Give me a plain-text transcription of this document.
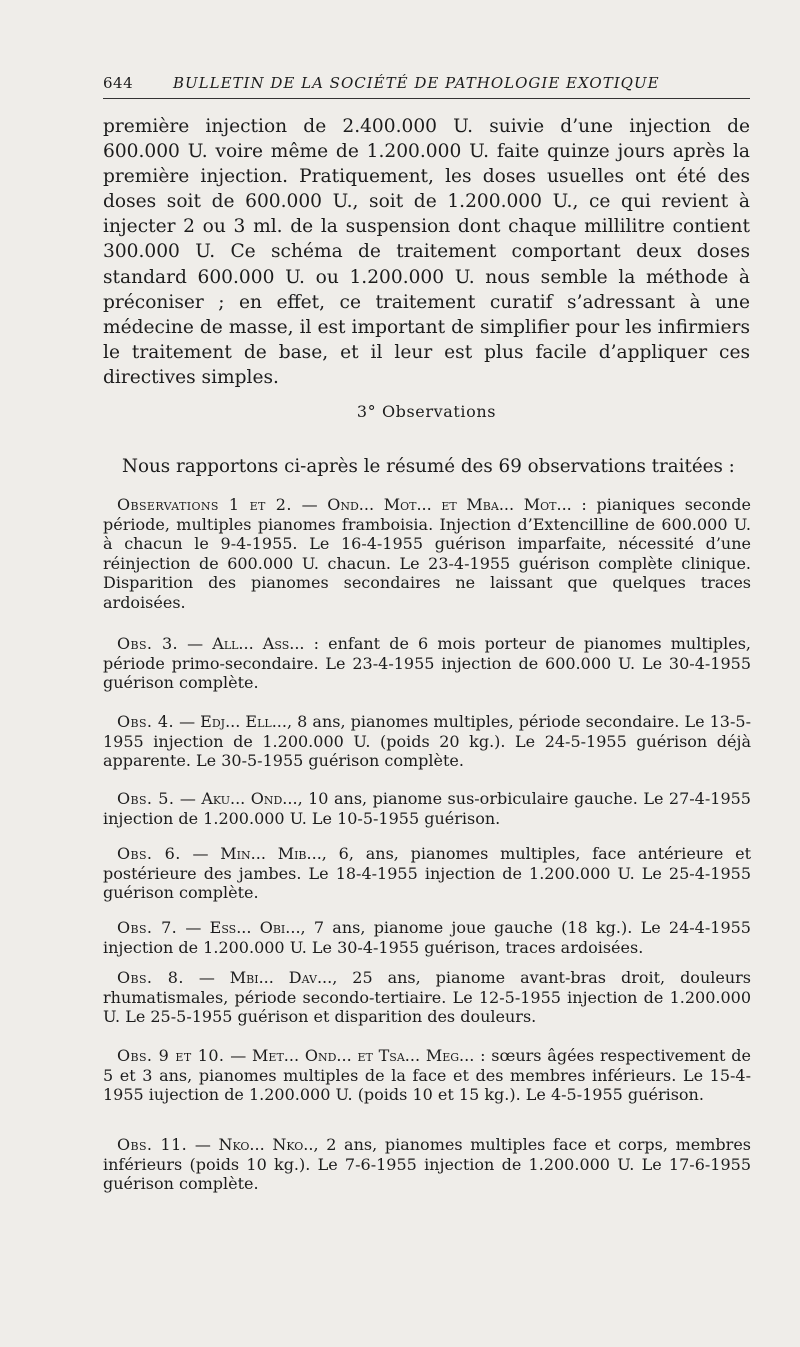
644	BULLETIN DE LA SOCIÉTÉ DE PATHOLOGIE EXOTIQUE

première injection de 2.400.000 U. suivie d’une injection de 600.000 U. voire même de 1.200.000 U. faite quinze jours après la première injection. Pratiquement, les doses usuelles ont été des doses soit de 600.000 U., soit de 1.200.000 U., ce qui revient à injecter 2 ou 3 ml. de la suspension dont chaque millilitre contient 300.000 U. Ce schéma de traitement comportant deux doses standard 600.000 U. ou 1.200.000 U. nous semble la méthode à préconiser ; en effet, ce traitement curatif s’adressant à une médecine de masse, il est important de simplifier pour les infirmiers le traitement de base, et il leur est plus facile d’appliquer ces directives simples.

3° Observations

Nous rapportons ci-après le résumé des 69 observations traitées :

Observations 1 et 2. — Ond... Mot... et Mba... Mot... : pianiques seconde période, multiples pianomes framboisia. Injection d’Extencilline de 600.000 U. à chacun le 9-4-1955. Le 16-4-1955 guérison imparfaite, nécessité d’une réinjection de 600.000 U. chacun. Le 23-4-1955 guérison complète clinique. Disparition des pianomes secondaires ne laissant que quelques traces ardoisées.

Obs. 3. — All... Ass... : enfant de 6 mois porteur de pianomes multiples, période primo-secondaire. Le 23-4-1955 injection de 600.000 U. Le 30-4-1955 guérison complète.

Obs. 4. — Edj... Ell..., 8 ans, pianomes multiples, période secondaire. Le 13-5-1955 injection de 1.200.000 U. (poids 20 kg.). Le 24-5-1955 guérison déjà apparente. Le 30-5-1955 guérison complète.

Obs. 5. — Aku... Ond..., 10 ans, pianome sus-orbiculaire gauche. Le 27-4-1955 injection de 1.200.000 U. Le 10-5-1955 guérison.

Obs. 6. — Min... Mib..., 6, ans, pianomes multiples, face antérieure et postérieure des jambes. Le 18-4-1955 injection de 1.200.000 U. Le 25-4-1955 guérison complète.

Obs. 7. — Ess... Obi..., 7 ans, pianome joue gauche (18 kg.). Le 24-4-1955 injection de 1.200.000 U. Le 30-4-1955 guérison, traces ardoisées.

Obs. 8. — Mbi... Dav..., 25 ans, pianome avant-bras droit, douleurs rhumatismales, période secondo-tertiaire. Le 12-5-1955 injection de 1.200.000 U. Le 25-5-1955 guérison et disparition des douleurs.

Obs. 9 et 10. — Met... Ond... et Tsa... Meg... : sœurs âgées respectivement de 5 et 3 ans, pianomes multiples de la face et des membres inférieurs. Le 15-4-1955 iujection de 1.200.000 U. (poids 10 et 15 kg.). Le 4-5-1955 guérison.

Obs. 11. — Nko... Nko.., 2 ans, pianomes multiples face et corps, membres inférieurs (poids 10 kg.). Le 7-6-1955 injection de 1.200.000 U. Le 17-6-1955 guérison complète.
